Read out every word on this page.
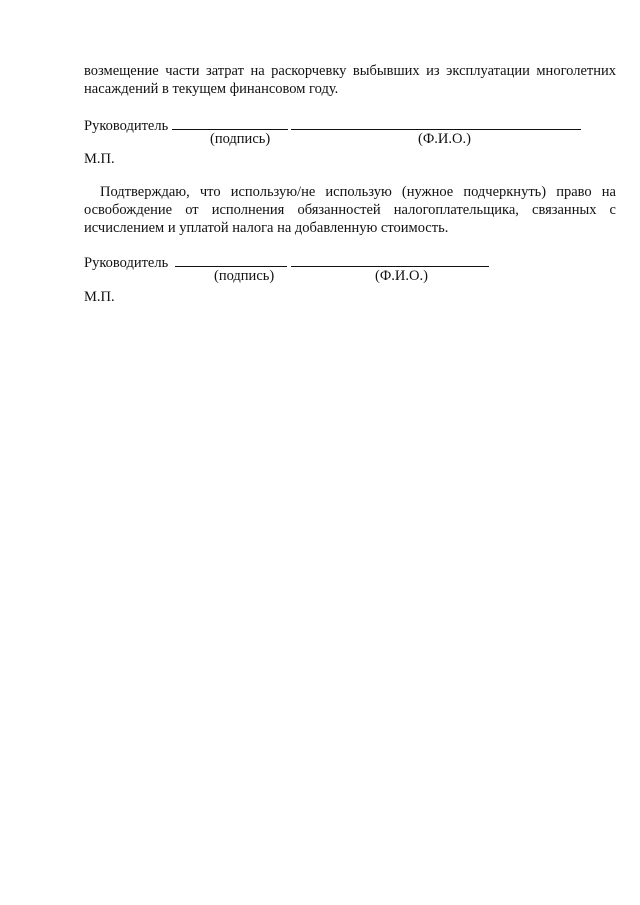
возмещение части затрат на раскорчевку выбывших из эксплуатации многолетних насаждений в текущем финансовом году.
Руководитель
(подпись)	(Ф.И.О.)
М.П.
Подтверждаю, что использую/не использую (нужное подчеркнуть) право на освобождение от исполнения обязанностей налогоплательщика, связанных с исчислением и уплатой налога на добавленную стоимость.
Руководитель
(подпись)	(Ф.И.О.)
М.П.
